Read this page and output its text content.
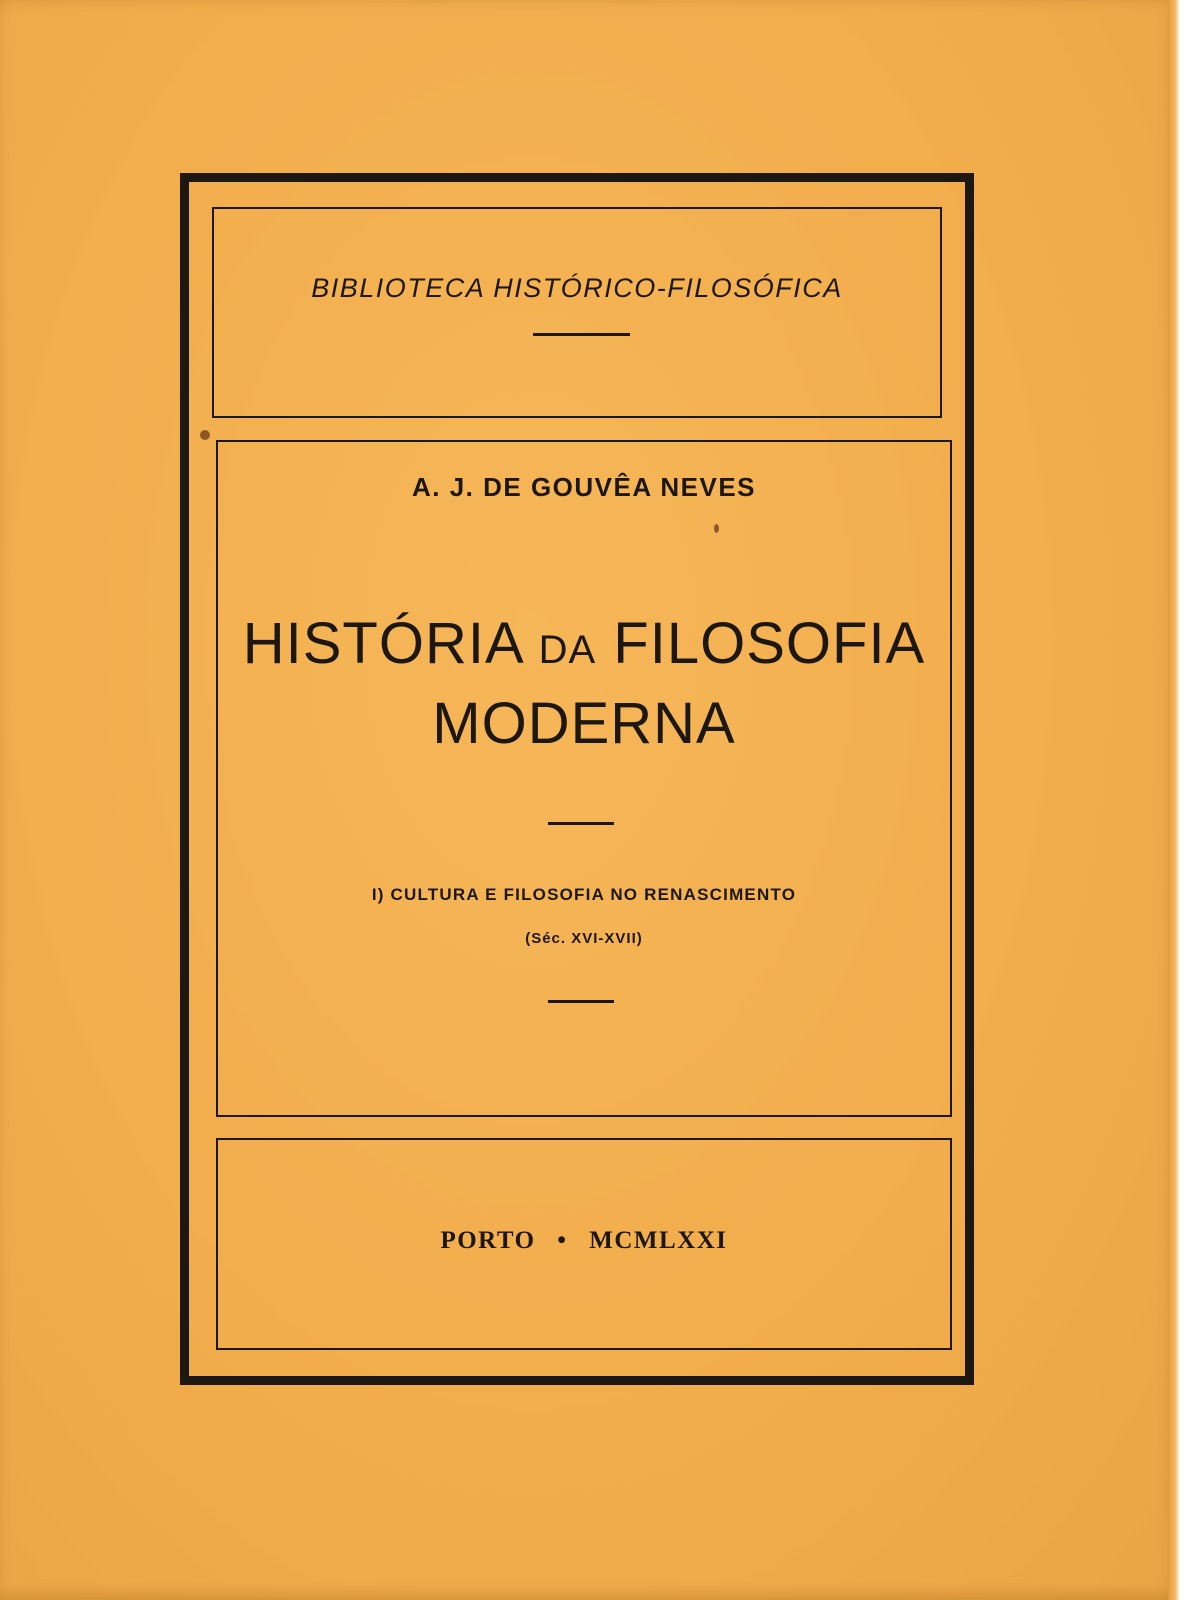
BIBLIOTECA HISTÓRICO-FILOSÓFICA
A. J. DE GOUVÊA NEVES
HISTÓRIA DA FILOSOFIA
MODERNA
I) CULTURA E FILOSOFIA NO RENASCIMENTO
(Séc. XVI-XVII)
PORTO • MCMLXXI
